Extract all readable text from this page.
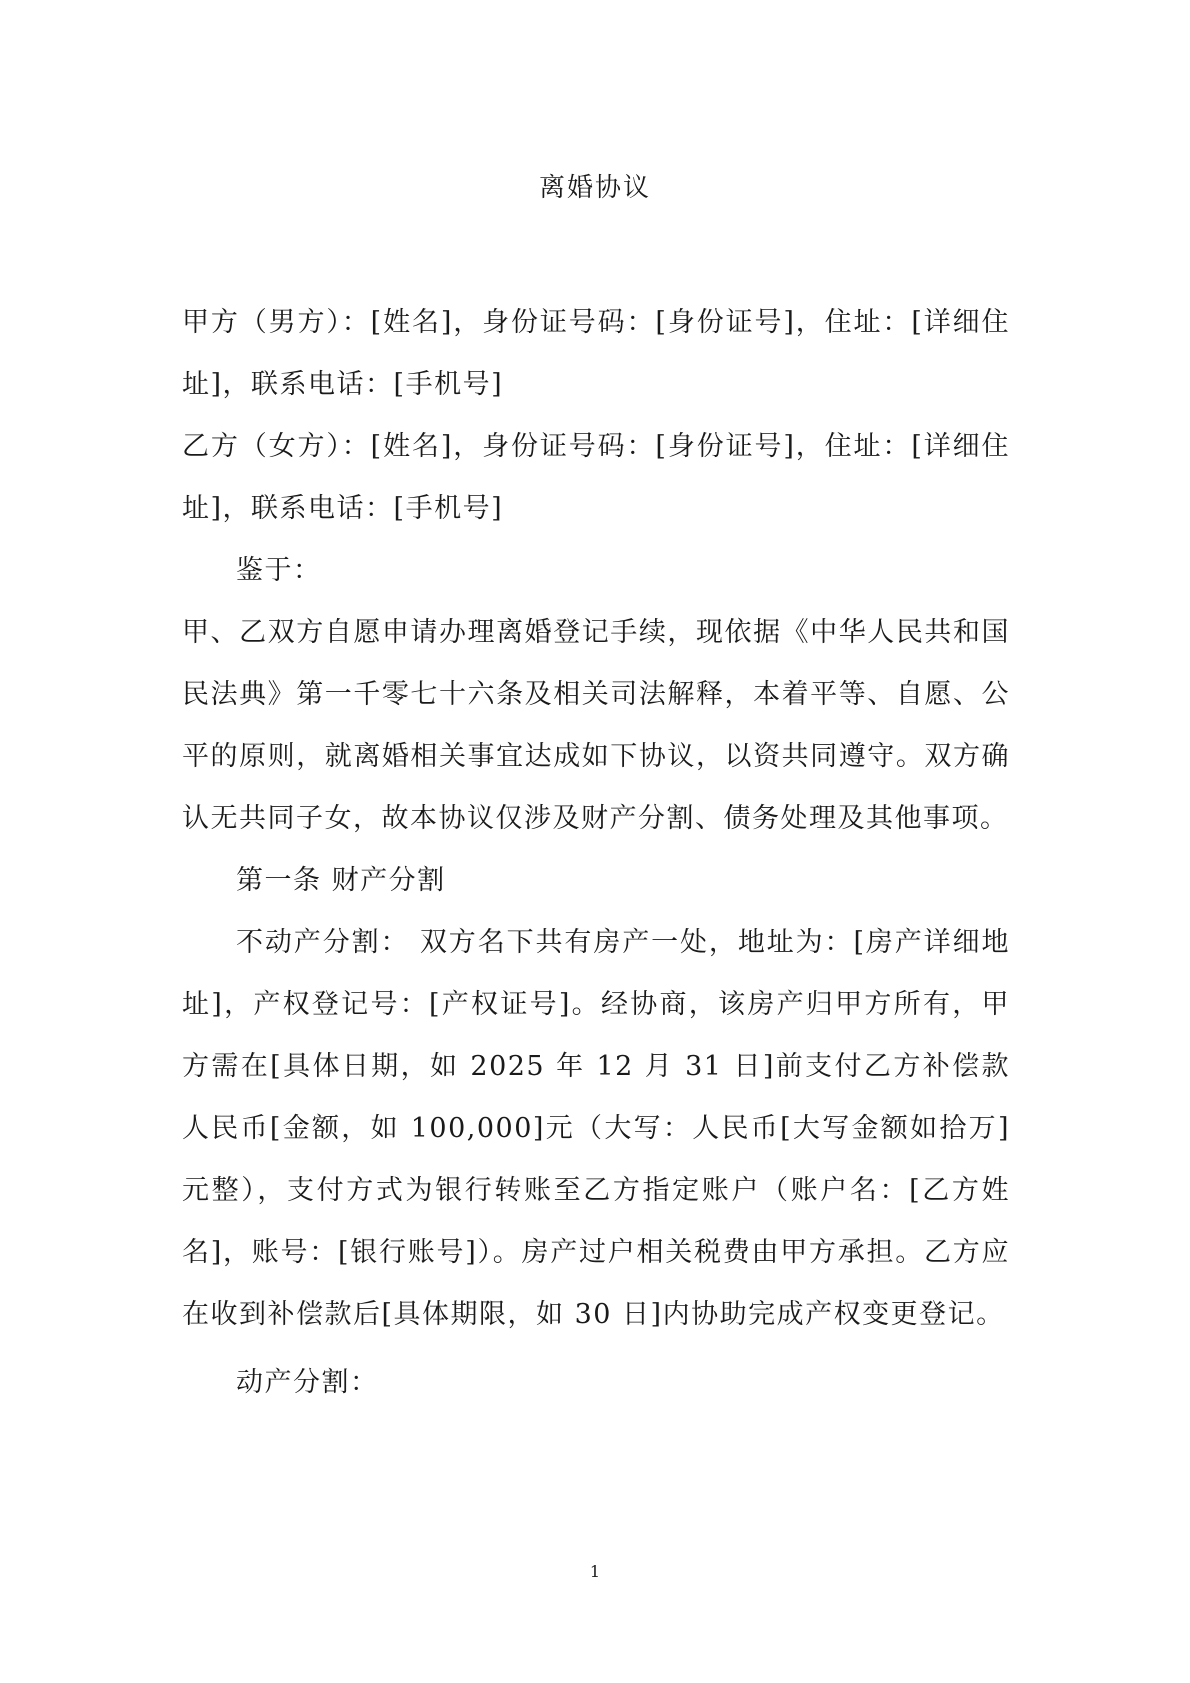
离婚协议

甲方（男方）：[姓名]，身份证号码：[身份证号]，住址：[详细住址]，联系电话：[手机号]

乙方（女方）：[姓名]，身份证号码：[身份证号]，住址：[详细住址]，联系电话：[手机号]

鉴于：

甲、乙双方自愿申请办理离婚登记手续，现依据《中华人民共和国民法典》第一千零七十六条及相关司法解释，本着平等、自愿、公平的原则，就离婚相关事宜达成如下协议，以资共同遵守。双方确认无共同子女，故本协议仅涉及财产分割、债务处理及其他事项。

第一条 财产分割

不动产分割： 双方名下共有房产一处，地址为：[房产详细地址]，产权登记号：[产权证号]。经协商，该房产归甲方所有，甲方需在[具体日期，如 2025 年 12 月 31 日]前支付乙方补偿款人民币[金额，如 100,000]元（大写：人民币[大写金额如拾万]元整），支付方式为银行转账至乙方指定账户（账户名：[乙方姓名]，账号：[银行账号]）。房产过户相关税费由甲方承担。乙方应在收到补偿款后[具体期限，如 30 日]内协助完成产权变更登记。

动产分割：

1
